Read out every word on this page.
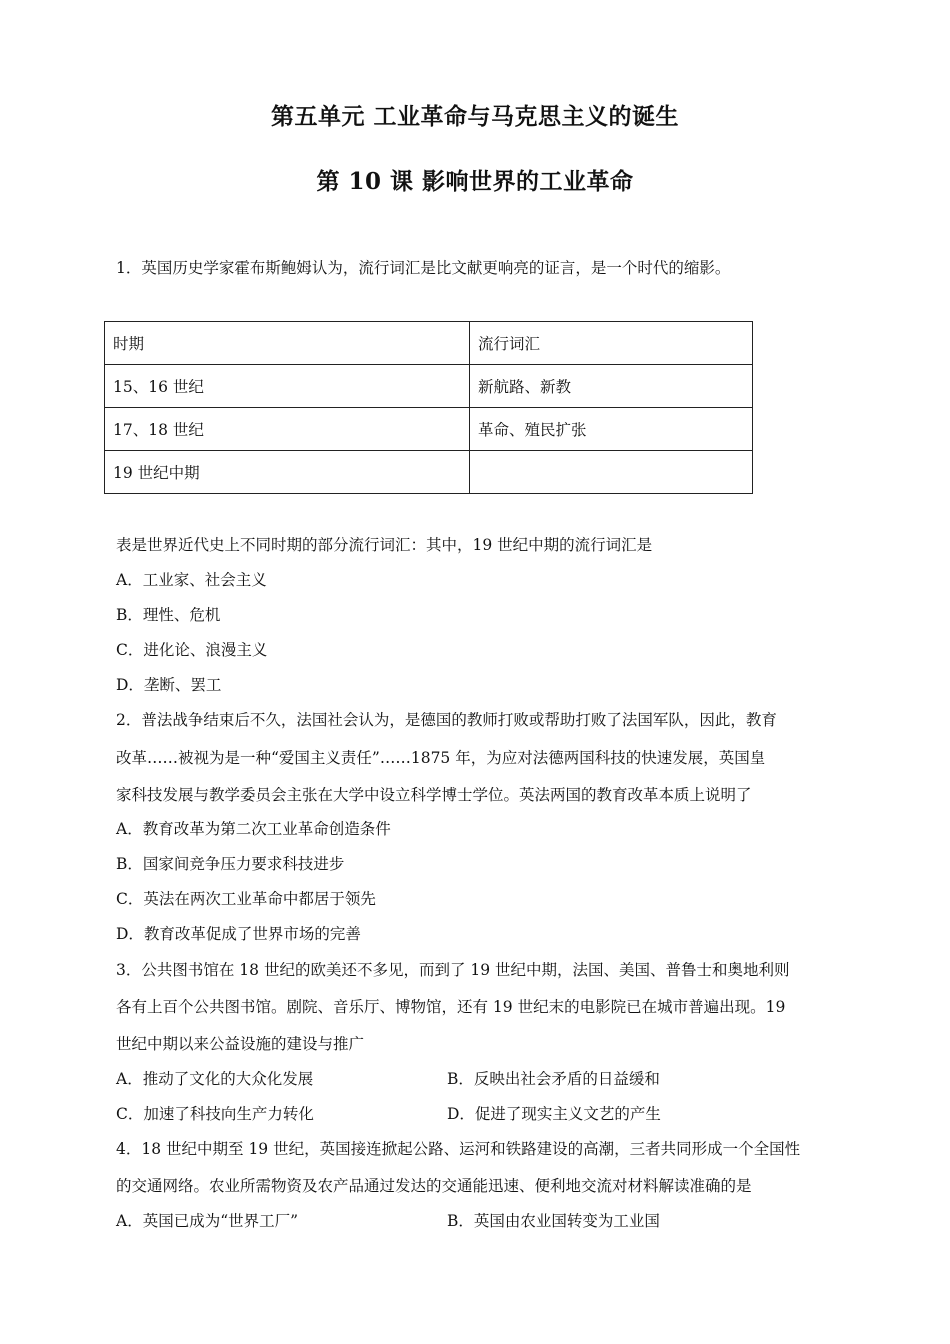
第五单元 工业革命与马克思主义的诞生
第 10 课 影响世界的工业革命
1．英国历史学家霍布斯鲍姆认为，流行词汇是比文献更响亮的证言，是一个时代的缩影。
时期	流行词汇
15、16 世纪	新航路、新教
17、18 世纪	革命、殖民扩张
19 世纪中期	
表是世界近代史上不同时期的部分流行词汇：其中，19 世纪中期的流行词汇是
A．工业家、社会主义
B．理性、危机
C．进化论、浪漫主义
D．垄断、罢工
2．普法战争结束后不久，法国社会认为，是德国的教师打败或帮助打败了法国军队，因此，教育
改革……被视为是一种“爱国主义责任”……1875 年，为应对法德两国科技的快速发展，英国皇
家科技发展与教学委员会主张在大学中设立科学博士学位。英法两国的教育改革本质上说明了
A．教育改革为第二次工业革命创造条件
B．国家间竞争压力要求科技进步
C．英法在两次工业革命中都居于领先
D．教育改革促成了世界市场的完善
3．公共图书馆在 18 世纪的欧美还不多见，而到了 19 世纪中期，法国、美国、普鲁士和奥地利则
各有上百个公共图书馆。剧院、音乐厅、博物馆，还有 19 世纪末的电影院已在城市普遍出现。19
世纪中期以来公益设施的建设与推广
A．推动了文化的大众化发展	B．反映出社会矛盾的日益缓和
C．加速了科技向生产力转化	D．促进了现实主义文艺的产生
4．18 世纪中期至 19 世纪，英国接连掀起公路、运河和铁路建设的高潮，三者共同形成一个全国性
的交通网络。农业所需物资及农产品通过发达的交通能迅速、便利地交流对材料解读准确的是
A．英国已成为“世界工厂”	B．英国由农业国转变为工业国
